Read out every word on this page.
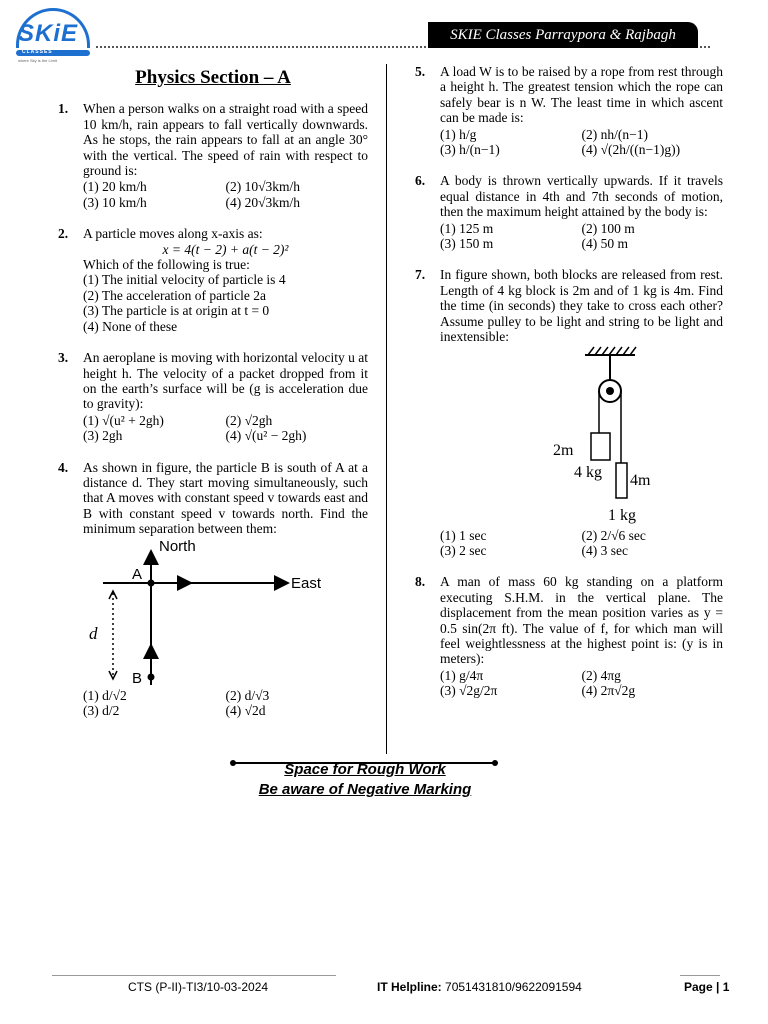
SKiE
CLASSES
where Sky is the Limit
SKIE Classes Parraypora & Rajbagh
Physics Section – A
1. When a person walks on a straight road with a speed 10 km/h, rain appears to fall vertically downwards. As he stops, the rain appears to fall at an angle 30° with the vertical. The speed of rain with respect to ground is:
(1) 20 km/h	(2) 10√3km/h
(3) 10 km/h	(4) 20√3km/h
2. A particle moves along x-axis as:
x = 4(t − 2) + a(t − 2)²
Which of the following is true:
(1) The initial velocity of particle is 4
(2) The acceleration of particle 2a
(3) The particle is at origin at t = 0
(4) None of these
3. An aeroplane is moving with horizontal velocity u at height h. The velocity of a packet dropped from it on the earth’s surface will be (g is acceleration due to gravity):
(1) √(u² + 2gh)	(2) √2gh
(3) 2gh	(4) √(u² − 2gh)
4. As shown in figure, the particle B is south of A at a distance d. They start moving simultaneously, such that A moves with constant speed v towards east and B with constant speed v towards north. Find the minimum separation between them:
North
East
A
B
d
(1) d/√2	(2) d/√3
(3) d/2	(4) √2d
5. A load W is to be raised by a rope from rest through a height h. The greatest tension which the rope can safely bear is n W. The least time in which ascent can be made is:
(1) h/g	(2) nh/(n−1)
(3) h/(n−1)	(4) √(2h/((n−1)g))
6. A body is thrown vertically upwards. If it travels equal distance in 4th and 7th seconds of motion, then the maximum height attained by the body is:
(1) 125 m	(2) 100 m
(3) 150 m	(4) 50 m
7. In figure shown, both blocks are released from rest. Length of 4 kg block is 2m and of 1 kg is 4m. Find the time (in seconds) they take to cross each other? Assume pulley to be light and string to be light and inextensible:
2m
4 kg 4m
1 kg
(1) 1 sec	(2) 2/√6 sec
(3) 2 sec	(4) 3 sec
8. A man of mass 60 kg standing on a platform executing S.H.M. in the vertical plane. The displacement from the mean position varies as y = 0.5 sin(2π ft). The value of f, for which man will feel weightlessness at the highest point is: (y is in meters):
(1) g/4π	(2) 4πg
(3) √2g/2π	(4) 2π√2g
Space for Rough Work
Be aware of Negative Marking
CTS (P-II)-TI3/10-03-2024	IT Helpline: 7051431810/9622091594	Page | 1
